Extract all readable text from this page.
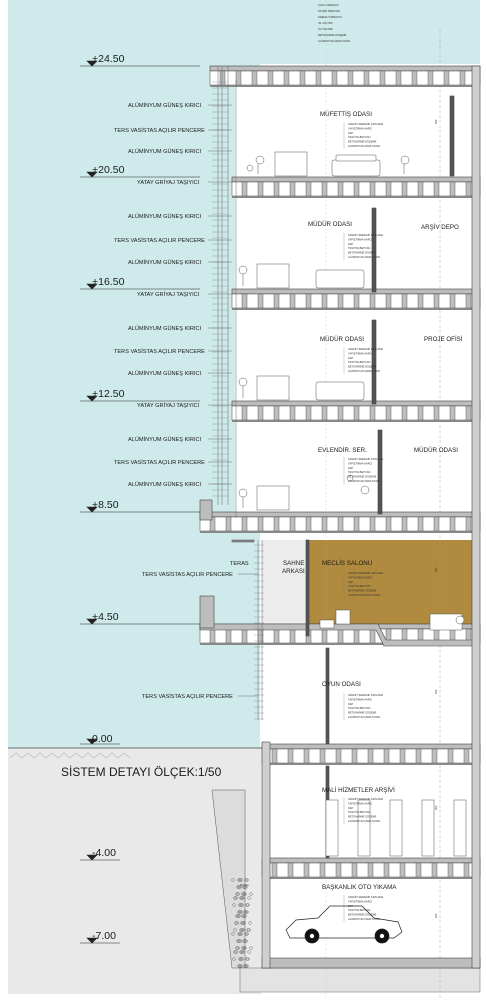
ÇAKIL TABAKASI
FİLTRE TABAKASI
DRENAJ TABAKASI
ISI YALITIMI
SU YALITIMI
BETONARME DÖŞEME
ALÜMİNYUM ASMA TAVAN
+24.50
+20.50
+16.50
+12.50
+8.50
+4.50
0.00
-4.00
-7.00
ALÜMİNYUM GÜNEŞ KIRICI
TERS VASİSTAS AÇILIR PENCERE
ALÜMİNYUM GÜNEŞ KIRICI
YATAY GRİYAJ TAŞIYICI
ALÜMİNYUM GÜNEŞ KIRICI
TERS VASİSTAS AÇILIR PENCERE
ALÜMİNYUM GÜNEŞ KIRICI
YATAY GRİYAJ TAŞIYICI
ALÜMİNYUM GÜNEŞ KIRICI
TERS VASİSTAS AÇILIR PENCERE
ALÜMİNYUM GÜNEŞ KIRICI
YATAY GRİYAJ TAŞIYICI
ALÜMİNYUM GÜNEŞ KIRICI
TERS VASİSTAS AÇILIR PENCERE
ALÜMİNYUM GÜNEŞ KIRICI
TERAS
TERS VASİSTAS AÇILIR PENCERE
TERS VASİSTAS AÇILIR PENCERE
MÜFETTİŞ ODASI
MÜDÜR ODASI	ARŞİV DEPO
MÜDÜR ODASI	PROJE OFİSİ
EVLENDİR. SER.	MÜDÜR ODASI
SAHNE
ARKASI
MECLİS SALONU
OYUN ODASI
MALİ HİZMETLER ARŞİVİ
BAŞKANLIK OTO YIKAMA
GRANİT SERAMİK KAPLAMA
YAPIŞTIRMA HARCI
ŞAP
TESVİYE BETONU
BETONARME DÖŞEME
ALÜMİNYUM ASMA TAVAN
GRANİT SERAMİK KAPLAMA
YAPIŞTIRMA HARCI
ŞAP
TESVİYE BETONU
BETONARME DÖŞEME
ALÜMİNYUM ASMA TAVAN
GRANİT SERAMİK KAPLAMA
YAPIŞTIRMA HARCI
ŞAP
TESVİYE BETONU
BETONARME DÖŞEME
ALÜMİNYUM ASMA TAVAN
GRANİT SERAMİK KAPLAMA
YAPIŞTIRMA HARCI
ŞAP
TESVİYE BETONU
BETONARME DÖŞEME
ALÜMİNYUM ASMA TAVAN
GRANİT SERAMİK KAPLAMA
YAPIŞTIRMA HARCI
ŞAP
TESVİYE BETONU
BETONARME DÖŞEME
ALÜMİNYUM ASMA TAVAN
GRANİT SERAMİK KAPLAMA
YAPIŞTIRMA HARCI
ŞAP
TESVİYE BETONU
BETONARME DÖŞEME
ALÜMİNYUM ASMA TAVAN
GRANİT SERAMİK KAPLAMA
YAPIŞTIRMA HARCI
ŞAP
TESVİYE BETONU
BETONARME DÖŞEME
ALÜMİNYUM ASMA TAVAN
GRANİT SERAMİK KAPLAMA
YAPIŞTIRMA HARCI
ŞAP
TESVİYE BETONU
BETONARME DÖŞEME
ALÜMİNYUM ASMA TAVAN
400
400
400
400
400
MICRO
SİSTEM DETAYI ÖLÇEK:1/50
